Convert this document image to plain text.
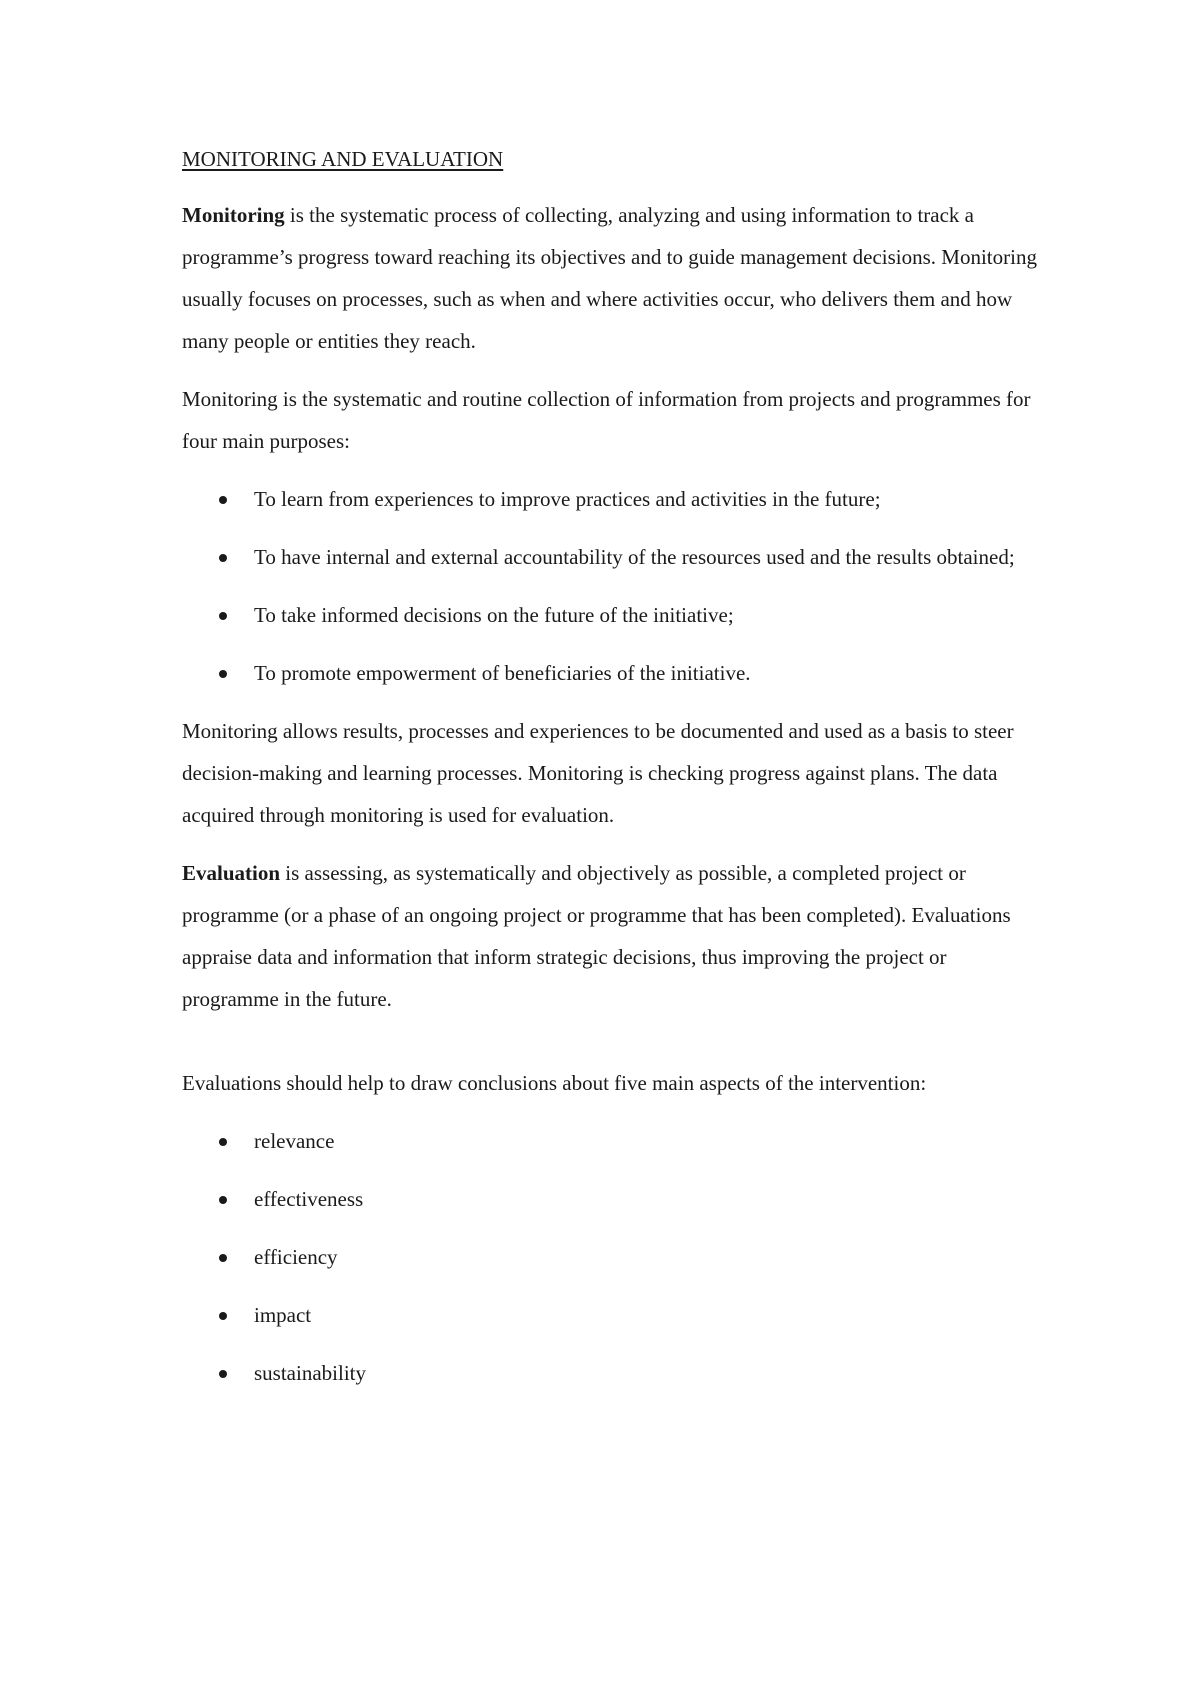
MONITORING AND EVALUATION

Monitoring is the systematic process of collecting, analyzing and using information to track a programme’s progress toward reaching its objectives and to guide management decisions. Monitoring usually focuses on processes, such as when and where activities occur, who delivers them and how many people or entities they reach.

Monitoring is the systematic and routine collection of information from projects and programmes for four main purposes:

To learn from experiences to improve practices and activities in the future;
To have internal and external accountability of the resources used and the results obtained;
To take informed decisions on the future of the initiative;
To promote empowerment of beneficiaries of the initiative.

Monitoring allows results, processes and experiences to be documented and used as a basis to steer decision-making and learning processes. Monitoring is checking progress against plans. The data acquired through monitoring is used for evaluation.

Evaluation is assessing, as systematically and objectively as possible, a completed project or programme (or a phase of an ongoing project or programme that has been completed). Evaluations appraise data and information that inform strategic decisions, thus improving the project or programme in the future.

Evaluations should help to draw conclusions about five main aspects of the intervention:

relevance
effectiveness
efficiency
impact
sustainability
